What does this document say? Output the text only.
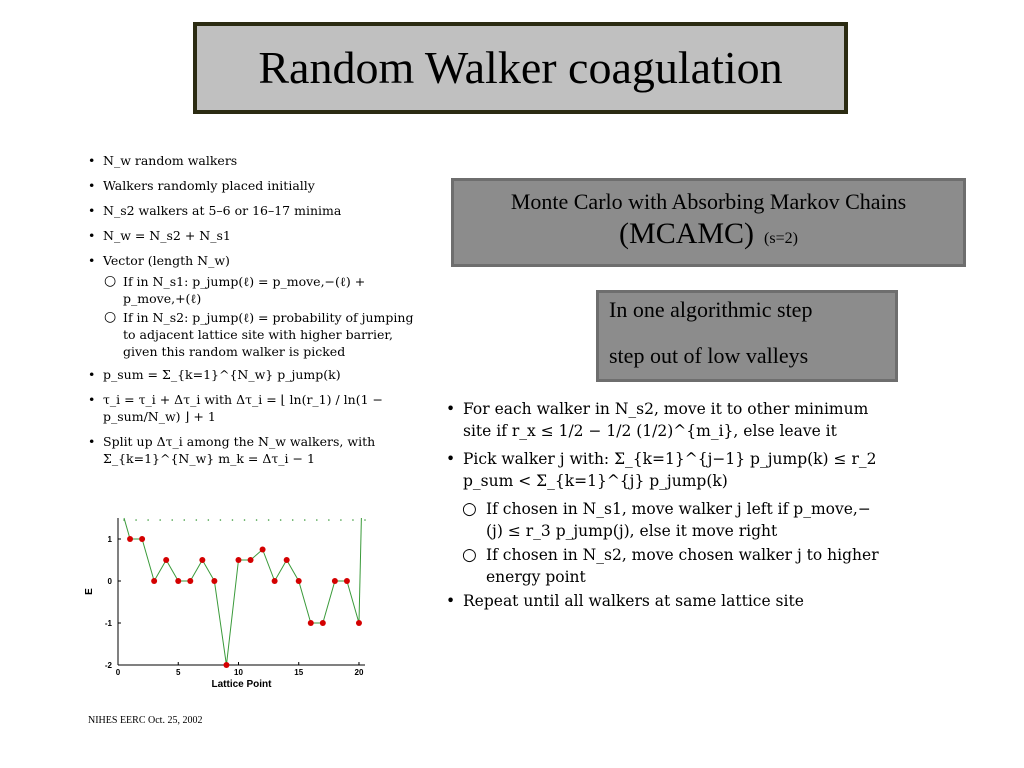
Random Walker coagulation
• N_w random walkers
• Walkers randomly placed initially
• N_s2 walkers at 5–6 or 16–17 minima
• N_w = N_s2 + N_s1
• Vector (length N_w)
○ If in N_s1: p_jump(ℓ) = p_move,−(ℓ) + p_move,+(ℓ)
○ If in N_s2: p_jump(ℓ) = probability of jumping to adjacent lattice site with higher barrier, given this random walker is picked
• p_sum = Σ_{k=1}^{N_w} p_jump(k)
• τ_i = τ_i + Δτ_i with Δτ_i = ⌊ ln(r_1) / ln(1 − p_sum/N_w) ⌋ + 1
• Split up Δτ_i among the N_w walkers, with Σ_{k=1}^{N_w} m_k = Δτ_i − 1
Monte Carlo with Absorbing Markov Chains
(MCAMC) (s=2)
In one algorithmic step
step out of low valleys
• For each walker in N_s2, move it to other minimum site if r_x ≤ 1/2 − 1/2 (1/2)^{m_i}, else leave it
• Pick walker j with: Σ_{k=1}^{j−1} p_jump(k) ≤ r_2 p_sum < Σ_{k=1}^{j} p_jump(k)
○ If chosen in N_s1, move walker j left if p_move,−(j) ≤ r_3 p_jump(j), else it move right
○ If chosen in N_s2, move chosen walker j to higher energy point
• Repeat until all walkers at same lattice site
0	5	10	15	20
1
0
-1
-2
Lattice Point
E
NIHES EERC Oct. 25, 2002
